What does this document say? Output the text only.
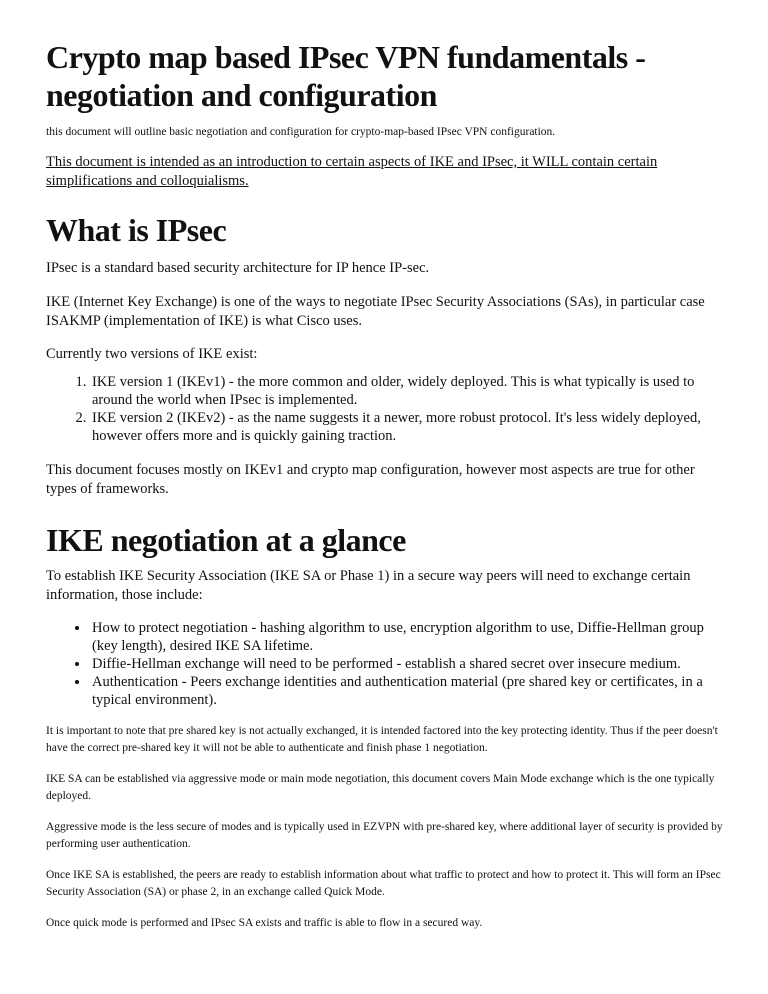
Crypto map based IPsec VPN fundamentals - negotiation and configuration

this document will outline basic negotiation and configuration for crypto-map-based IPsec VPN configuration.

This document is intended as an introduction to certain aspects of IKE and IPsec, it WILL contain certain simplifications and colloquialisms.

What is IPsec

IPsec is a standard based security architecture for IP hence IP-sec.

IKE (Internet Key Exchange) is one of the ways to negotiate IPsec Security Associations (SAs), in particular case ISAKMP (implementation of IKE) is what Cisco uses.

Currently two versions of IKE exist:

1. IKE version 1 (IKEv1) - the more common and older, widely deployed. This is what typically is used to around the world when IPsec is implemented.
2. IKE version 2 (IKEv2) - as the name suggests it a newer, more robust protocol. It's less widely deployed, however offers more and is quickly gaining traction.

This document focuses mostly on IKEv1 and crypto map configuration, however most aspects are true for other types of frameworks.

IKE negotiation at a glance

To establish IKE Security Association (IKE SA or Phase 1) in a secure way peers will need to exchange certain information, those include:

• How to protect negotiation - hashing algorithm to use, encryption algorithm to use, Diffie-Hellman group (key length), desired IKE SA lifetime.
• Diffie-Hellman exchange will need to be performed - establish a shared secret over insecure medium.
• Authentication - Peers exchange identities and authentication material (pre shared key or certificates, in a typical environment).

It is important to note that pre shared key is not actually exchanged, it is intended factored into the key protecting identity. Thus if the peer doesn't have the correct pre-shared key it will not be able to authenticate and finish phase 1 negotiation.

IKE SA can be established via aggressive mode or main mode negotiation, this document covers Main Mode exchange which is the one typically deployed.

Aggressive mode is the less secure of modes and is typically used in EZVPN with pre-shared key, where additional layer of security is provided by performing user authentication.

Once IKE SA is established, the peers are ready to establish information about what traffic to protect and how to protect it. This will form an IPsec Security Association (SA) or phase 2, in an exchange called Quick Mode.

Once quick mode is performed and IPsec SA exists and traffic is able to flow in a secured way.
